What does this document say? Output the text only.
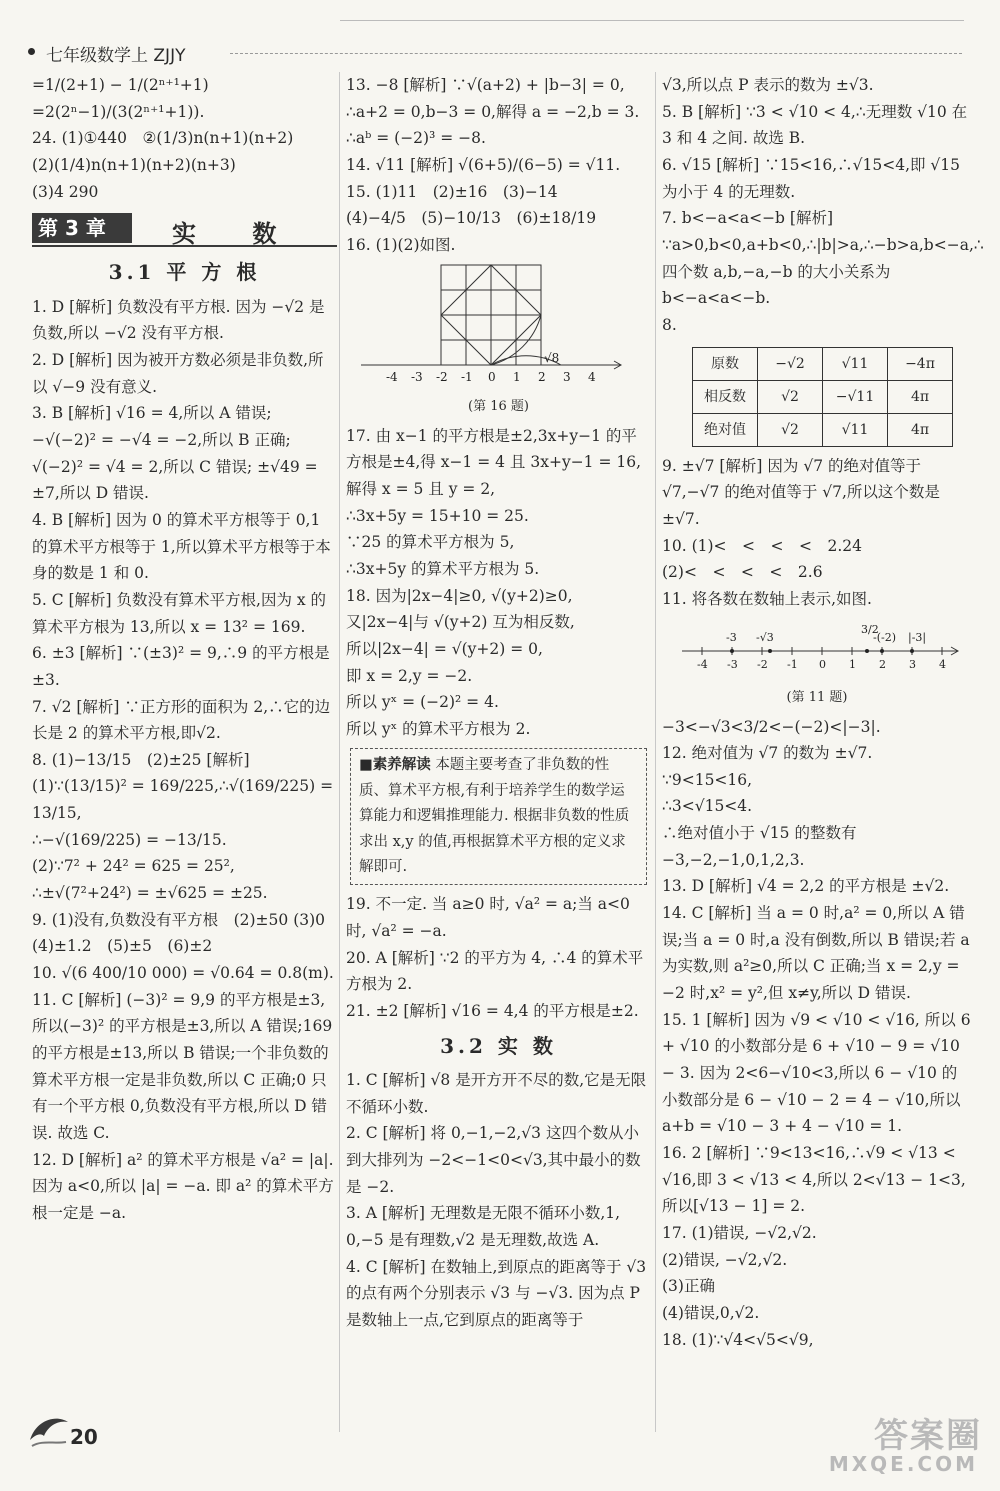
七年级数学上 ZJJY

=1/(2+1) − 1/(2ⁿ⁺¹+1)

=2(2ⁿ−1)/(3(2ⁿ⁺¹+1)).

24. (1)①440　②(1/3)n(n+1)(n+2)

(2)(1/4)n(n+1)(n+2)(n+3)

(3)4 290

第 3 章	实 数
3.1 平 方 根

1. D [解析] 负数没有平方根. 因为 −√2 是负数,所以 −√2 没有平方根.

2. D [解析] 因为被开方数必须是非负数,所以 √−9 没有意义.

3. B [解析] √16 = 4,所以 A 错误; −√(−2)² = −√4 = −2,所以 B 正确; √(−2)² = √4 = 2,所以 C 错误; ±√49 = ±7,所以 D 错误.

4. B [解析] 因为 0 的算术平方根等于 0,1 的算术平方根等于 1,所以算术平方根等于本身的数是 1 和 0.

5. C [解析] 负数没有算术平方根,因为 x 的算术平方根为 13,所以 x = 13² = 169.

6. ±3 [解析] ∵(±3)² = 9,∴9 的平方根是±3.

7. √2 [解析] ∵正方形的面积为 2,∴它的边长是 2 的算术平方根,即√2.

8. (1)−13/15　(2)±25 [解析]

(1)∵(13/15)² = 169/225,∴√(169/225) = 13/15,

∴−√(169/225) = −13/15.

(2)∵7² + 24² = 625 = 25²,

∴±√(7²+24²) = ±√625 = ±25.

9. (1)没有,负数没有平方根　(2)±50 (3)0　(4)±1.2　(5)±5　(6)±2

10. √(6 400/10 000) = √0.64 = 0.8(m).

11. C [解析] (−3)² = 9,9 的平方根是±3,所以(−3)² 的平方根是±3,所以 A 错误;169 的平方根是±13,所以 B 错误;一个非负数的算术平方根一定是非负数,所以 C 正确;0 只有一个平方根 0,负数没有平方根,所以 D 错误. 故选 C.

12. D [解析] a² 的算术平方根是 √a² = |a|. 因为 a<0,所以 |a| = −a. 即 a² 的算术平方根一定是 −a.

13. −8 [解析] ∵√(a+2) + |b−3| = 0, ∴a+2 = 0,b−3 = 0,解得 a = −2,b = 3. ∴aᵇ = (−2)³ = −8.

14. √11 [解析] √(6+5)/(6−5) = √11.

15. (1)11　(2)±16　(3)−14

(4)−4/5　(5)−10/13　(6)±18/19

16. (1)(2)如图.

-4 -3 -2 -1 0 1 2 3 4
√8
(第 16 题)

17. 由 x−1 的平方根是±2,3x+y−1 的平方根是±4,得 x−1 = 4 且 3x+y−1 = 16,

解得 x = 5 且 y = 2,

∴3x+5y = 15+10 = 25.

∵25 的算术平方根为 5,

∴3x+5y 的算术平方根为 5.

18. 因为|2x−4|≥0, √(y+2)≥0,

又|2x−4|与 √(y+2) 互为相反数,

所以|2x−4| = √(y+2) = 0,

即 x = 2,y = −2.

所以 yˣ = (−2)² = 4.

所以 yˣ 的算术平方根为 2.

■素养解读 本题主要考查了非负数的性质、算术平方根,有利于培养学生的数学运算能力和逻辑推理能力. 根据非负数的性质求出 x,y 的值,再根据算术平方根的定义求解即可.

19. 不一定. 当 a≥0 时, √a² = a;当 a<0 时, √a² = −a.

20. A [解析] ∵2 的平方为 4, ∴4 的算术平方根为 2.

21. ±2 [解析] √16 = 4,4 的平方根是±2.

3.2 实 数

1. C [解析] √8 是开方开不尽的数,它是无限不循环小数.

2. C [解析] 将 0,−1,−2,√3 这四个数从小到大排列为 −2<−1<0<√3,其中最小的数是 −2.

3. A [解析] 无理数是无限不循环小数,1, 0,−5 是有理数,√2 是无理数,故选 A.

4. C [解析] 在数轴上,到原点的距离等于 √3 的点有两个分别表示 √3 与 −√3. 因为点 P 是数轴上一点,它到原点的距离等于

√3,所以点 P 表示的数为 ±√3.

5. B [解析] ∵3 < √10 < 4,∴无理数 √10 在 3 和 4 之间. 故选 B.

6. √15 [解析] ∵15<16,∴√15<4,即 √15 为小于 4 的无理数.

7. b<−a<a<−b [解析] ∵a>0,b<0,a+b<0,∴|b|>a,∴−b>a,b<−a,∴四个数 a,b,−a,−b 的大小关系为 b<−a<a<−b.

8.

原数	−√2	√11	−4π
相反数	√2	−√11	4π
绝对值	√2	√11	4π

9. ±√7 [解析] 因为 √7 的绝对值等于 √7,−√7 的绝对值等于 √7,所以这个数是 ±√7.

10. (1)<　<　<　<　2.24

(2)<　<　<　<　2.6

11. 将各数在数轴上表示,如图.

-4 -3 -2 -1 0 1 2 3 4
-3 -√3
3/2
-(-2) |-3|
(第 11 题)

−3<−√3<3/2<−(−2)<|−3|.

12. 绝对值为 √7 的数为 ±√7.

∵9<15<16,

∴3<√15<4.

∴绝对值小于 √15 的整数有 −3,−2,−1,0,1,2,3.

13. D [解析] √4 = 2,2 的平方根是 ±√2.

14. C [解析] 当 a = 0 时,a² = 0,所以 A 错误;当 a = 0 时,a 没有倒数,所以 B 错误;若 a 为实数,则 a²≥0,所以 C 正确;当 x = 2,y = −2 时,x² = y²,但 x≠y,所以 D 错误.

15. 1 [解析] 因为 √9 < √10 < √16, 所以 6 + √10 的小数部分是 6 + √10 − 9 = √10 − 3. 因为 2<6−√10<3,所以 6 − √10 的小数部分是 6 − √10 − 2 = 4 − √10,所以 a+b = √10 − 3 + 4 − √10 = 1.

16. 2 [解析] ∵9<13<16,∴√9 < √13 < √16,即 3 < √13 < 4,所以 2<√13 − 1<3,所以[√13 − 1] = 2.

17. (1)错误, −√2,√2.

(2)错误, −√2,√2.

(3)正确

(4)错误,0,√2.

18. (1)∵√4<√5<√9,

20	答案圈
MXQE.COM
